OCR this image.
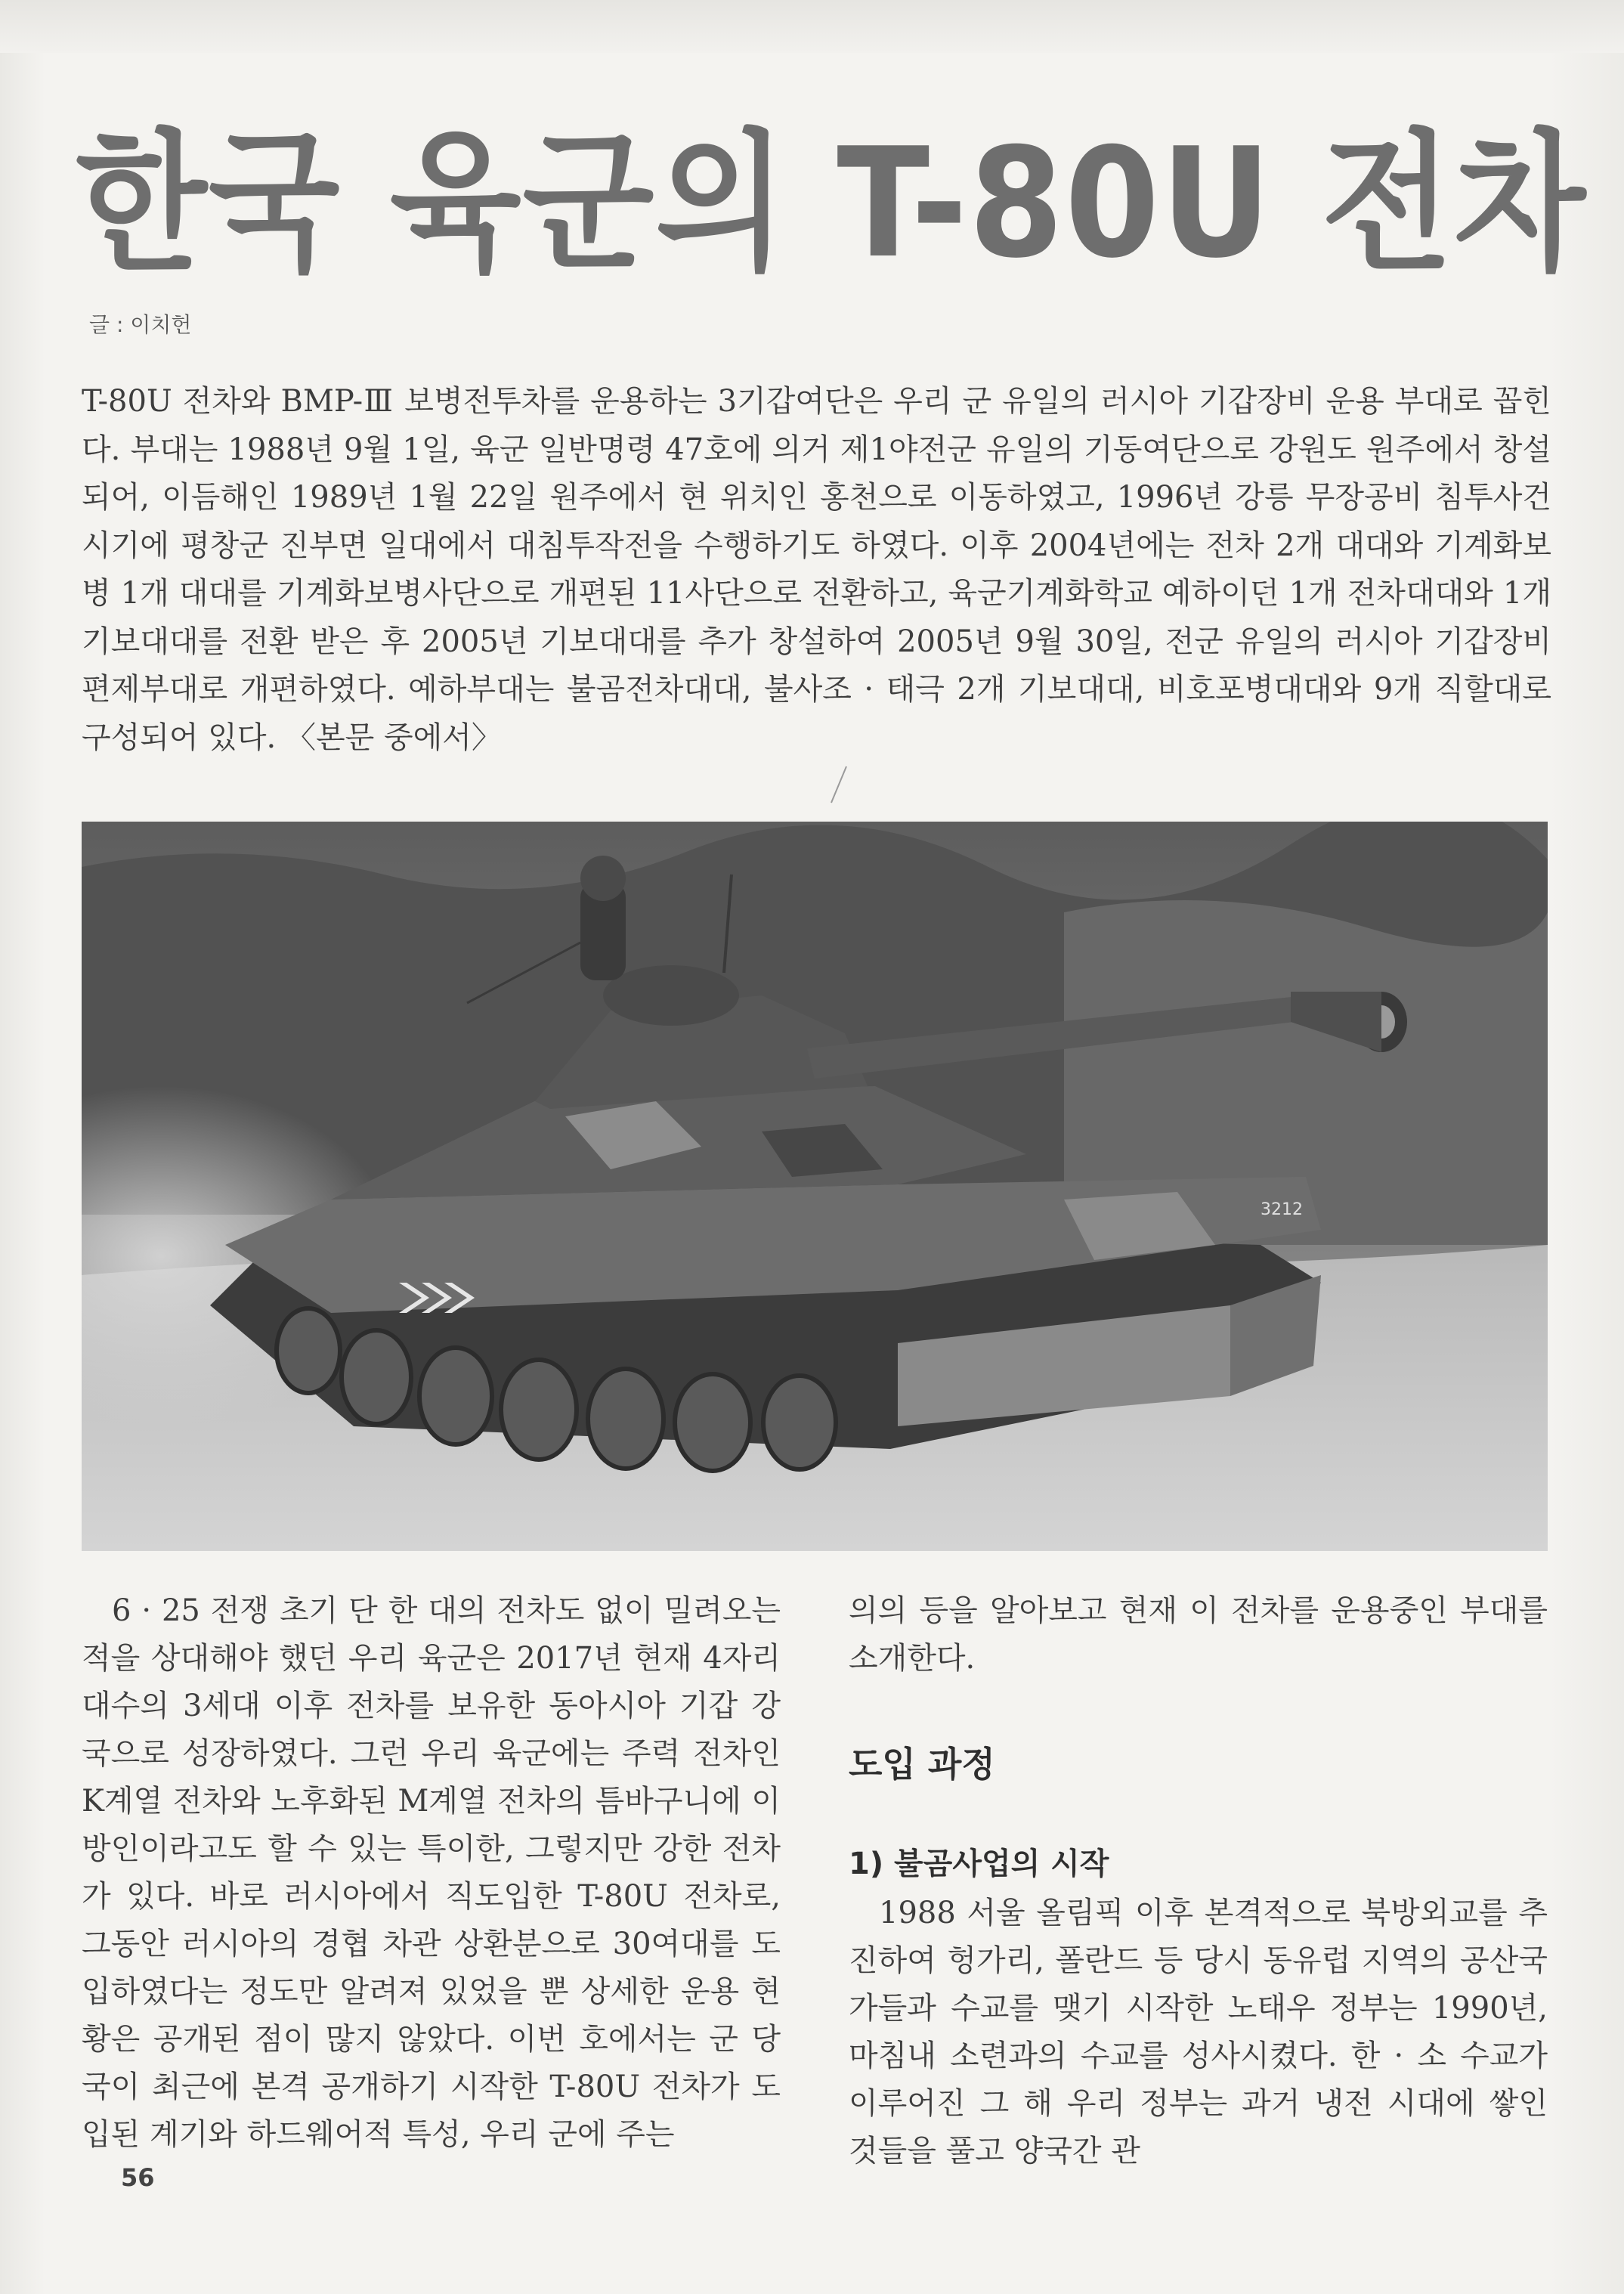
한국 육군의 T-80U 전차
글 : 이치헌

T-80U 전차와 BMP-Ⅲ 보병전투차를 운용하는 3기갑여단은 우리 군 유일의 러시아 기갑장비 운용 부대로 꼽힌다. 부대는 1988년 9월 1일, 육군 일반명령 47호에 의거 제1야전군 유일의 기동여단으로 강원도 원주에서 창설되어, 이듬해인 1989년 1월 22일 원주에서 현 위치인 홍천으로 이동하였고, 1996년 강릉 무장공비 침투사건 시기에 평창군 진부면 일대에서 대침투작전을 수행하기도 하였다. 이후 2004년에는 전차 2개 대대와 기계화보병 1개 대대를 기계화보병사단으로 개편된 11사단으로 전환하고, 육군기계화학교 예하이던 1개 전차대대와 1개 기보대대를 전환 받은 후 2005년 기보대대를 추가 창설하여 2005년 9월 30일, 전군 유일의 러시아 기갑장비 편제부대로 개편하였다. 예하부대는 불곰전차대대, 불사조 · 태극 2개 기보대대, 비호포병대대와 9개 직할대로 구성되어 있다. 〈본문 중에서〉

3212

6 · 25 전쟁 초기 단 한 대의 전차도 없이 밀려오는 적을 상대해야 했던 우리 육군은 2017년 현재 4자리 대수의 3세대 이후 전차를 보유한 동아시아 기갑 강국으로 성장하였다. 그런 우리 육군에는 주력 전차인 K계열 전차와 노후화된 M계열 전차의 틈바구니에 이방인이라고도 할 수 있는 특이한, 그렇지만 강한 전차가 있다. 바로 러시아에서 직도입한 T-80U 전차로, 그동안 러시아의 경협 차관 상환분으로 30여대를 도입하였다는 정도만 알려져 있었을 뿐 상세한 운용 현황은 공개된 점이 많지 않았다. 이번 호에서는 군 당국이 최근에 본격 공개하기 시작한 T-80U 전차가 도입된 계기와 하드웨어적 특성, 우리 군에 주는

의의 등을 알아보고 현재 이 전차를 운용중인 부대를 소개한다.

도입 과정

1) 불곰사업의 시작

1988 서울 올림픽 이후 본격적으로 북방외교를 추진하여 헝가리, 폴란드 등 당시 동유럽 지역의 공산국가들과 수교를 맺기 시작한 노태우 정부는 1990년, 마침내 소련과의 수교를 성사시켰다. 한 · 소 수교가 이루어진 그 해 우리 정부는 과거 냉전 시대에 쌓인 것들을 풀고 양국간 관

56
